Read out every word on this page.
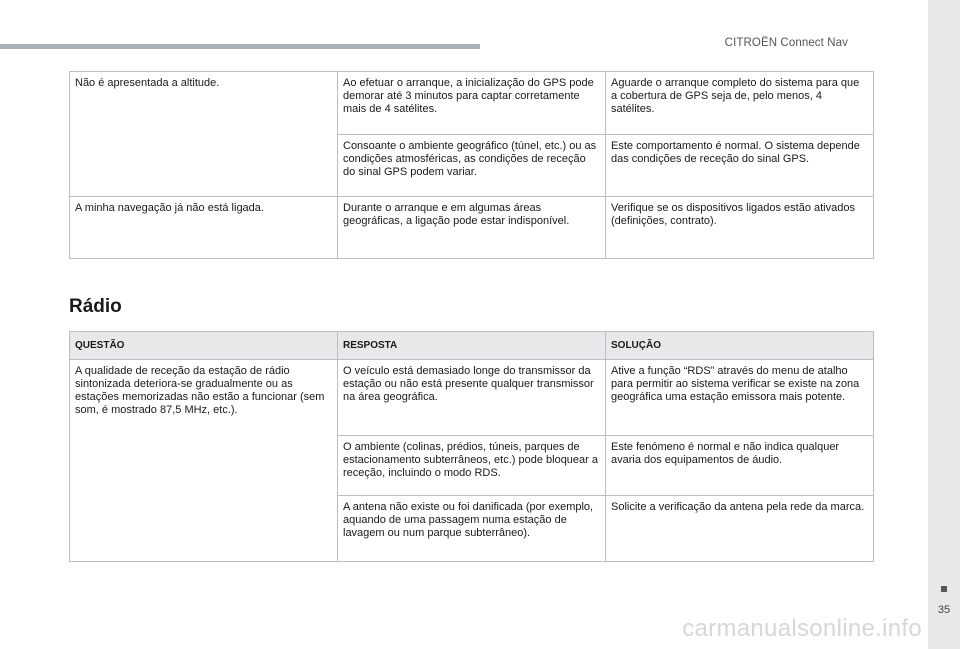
CITROËN Connect Nav
35
Não é apresentada a altitude.	Ao efetuar o arranque, a inicialização do GPS pode demorar até 3 minutos para captar corretamente mais de 4 satélites.	Aguarde o arranque completo do sistema para que a cobertura de GPS seja de, pelo menos, 4 satélites.
	Consoante o ambiente geográfico (túnel, etc.) ou as condições atmosféricas, as condições de receção do sinal GPS podem variar.	Este comportamento é normal. O sistema depende das condições de receção do sinal GPS.
A minha navegação já não está ligada.	Durante o arranque e em algumas áreas geográficas, a ligação pode estar indisponível.	Verifique se os dispositivos ligados estão ativados (definições, contrato).
Rádio
QUESTÃO	RESPOSTA	SOLUÇÃO
A qualidade de receção da estação de rádio sintonizada deteriora-se gradualmente ou as estações memorizadas não estão a funcionar (sem som, é mostrado 87,5 MHz, etc.).	O veículo está demasiado longe do transmissor da estação ou não está presente qualquer transmissor na área geográfica.	Ative a função “RDS” através do menu de atalho para permitir ao sistema verificar se existe na zona geográfica uma estação emissora mais potente.
	O ambiente (colinas, prédios, túneis, parques de estacionamento subterrâneos, etc.) pode bloquear a receção, incluindo o modo RDS.	Este fenómeno é normal e não indica qualquer avaria dos equipamentos de áudio.
	A antena não existe ou foi danificada (por exemplo, aquando de uma passagem numa estação de lavagem ou num parque subterrâneo).	Solicite a verificação da antena pela rede da marca.
carmanualsonline.info
